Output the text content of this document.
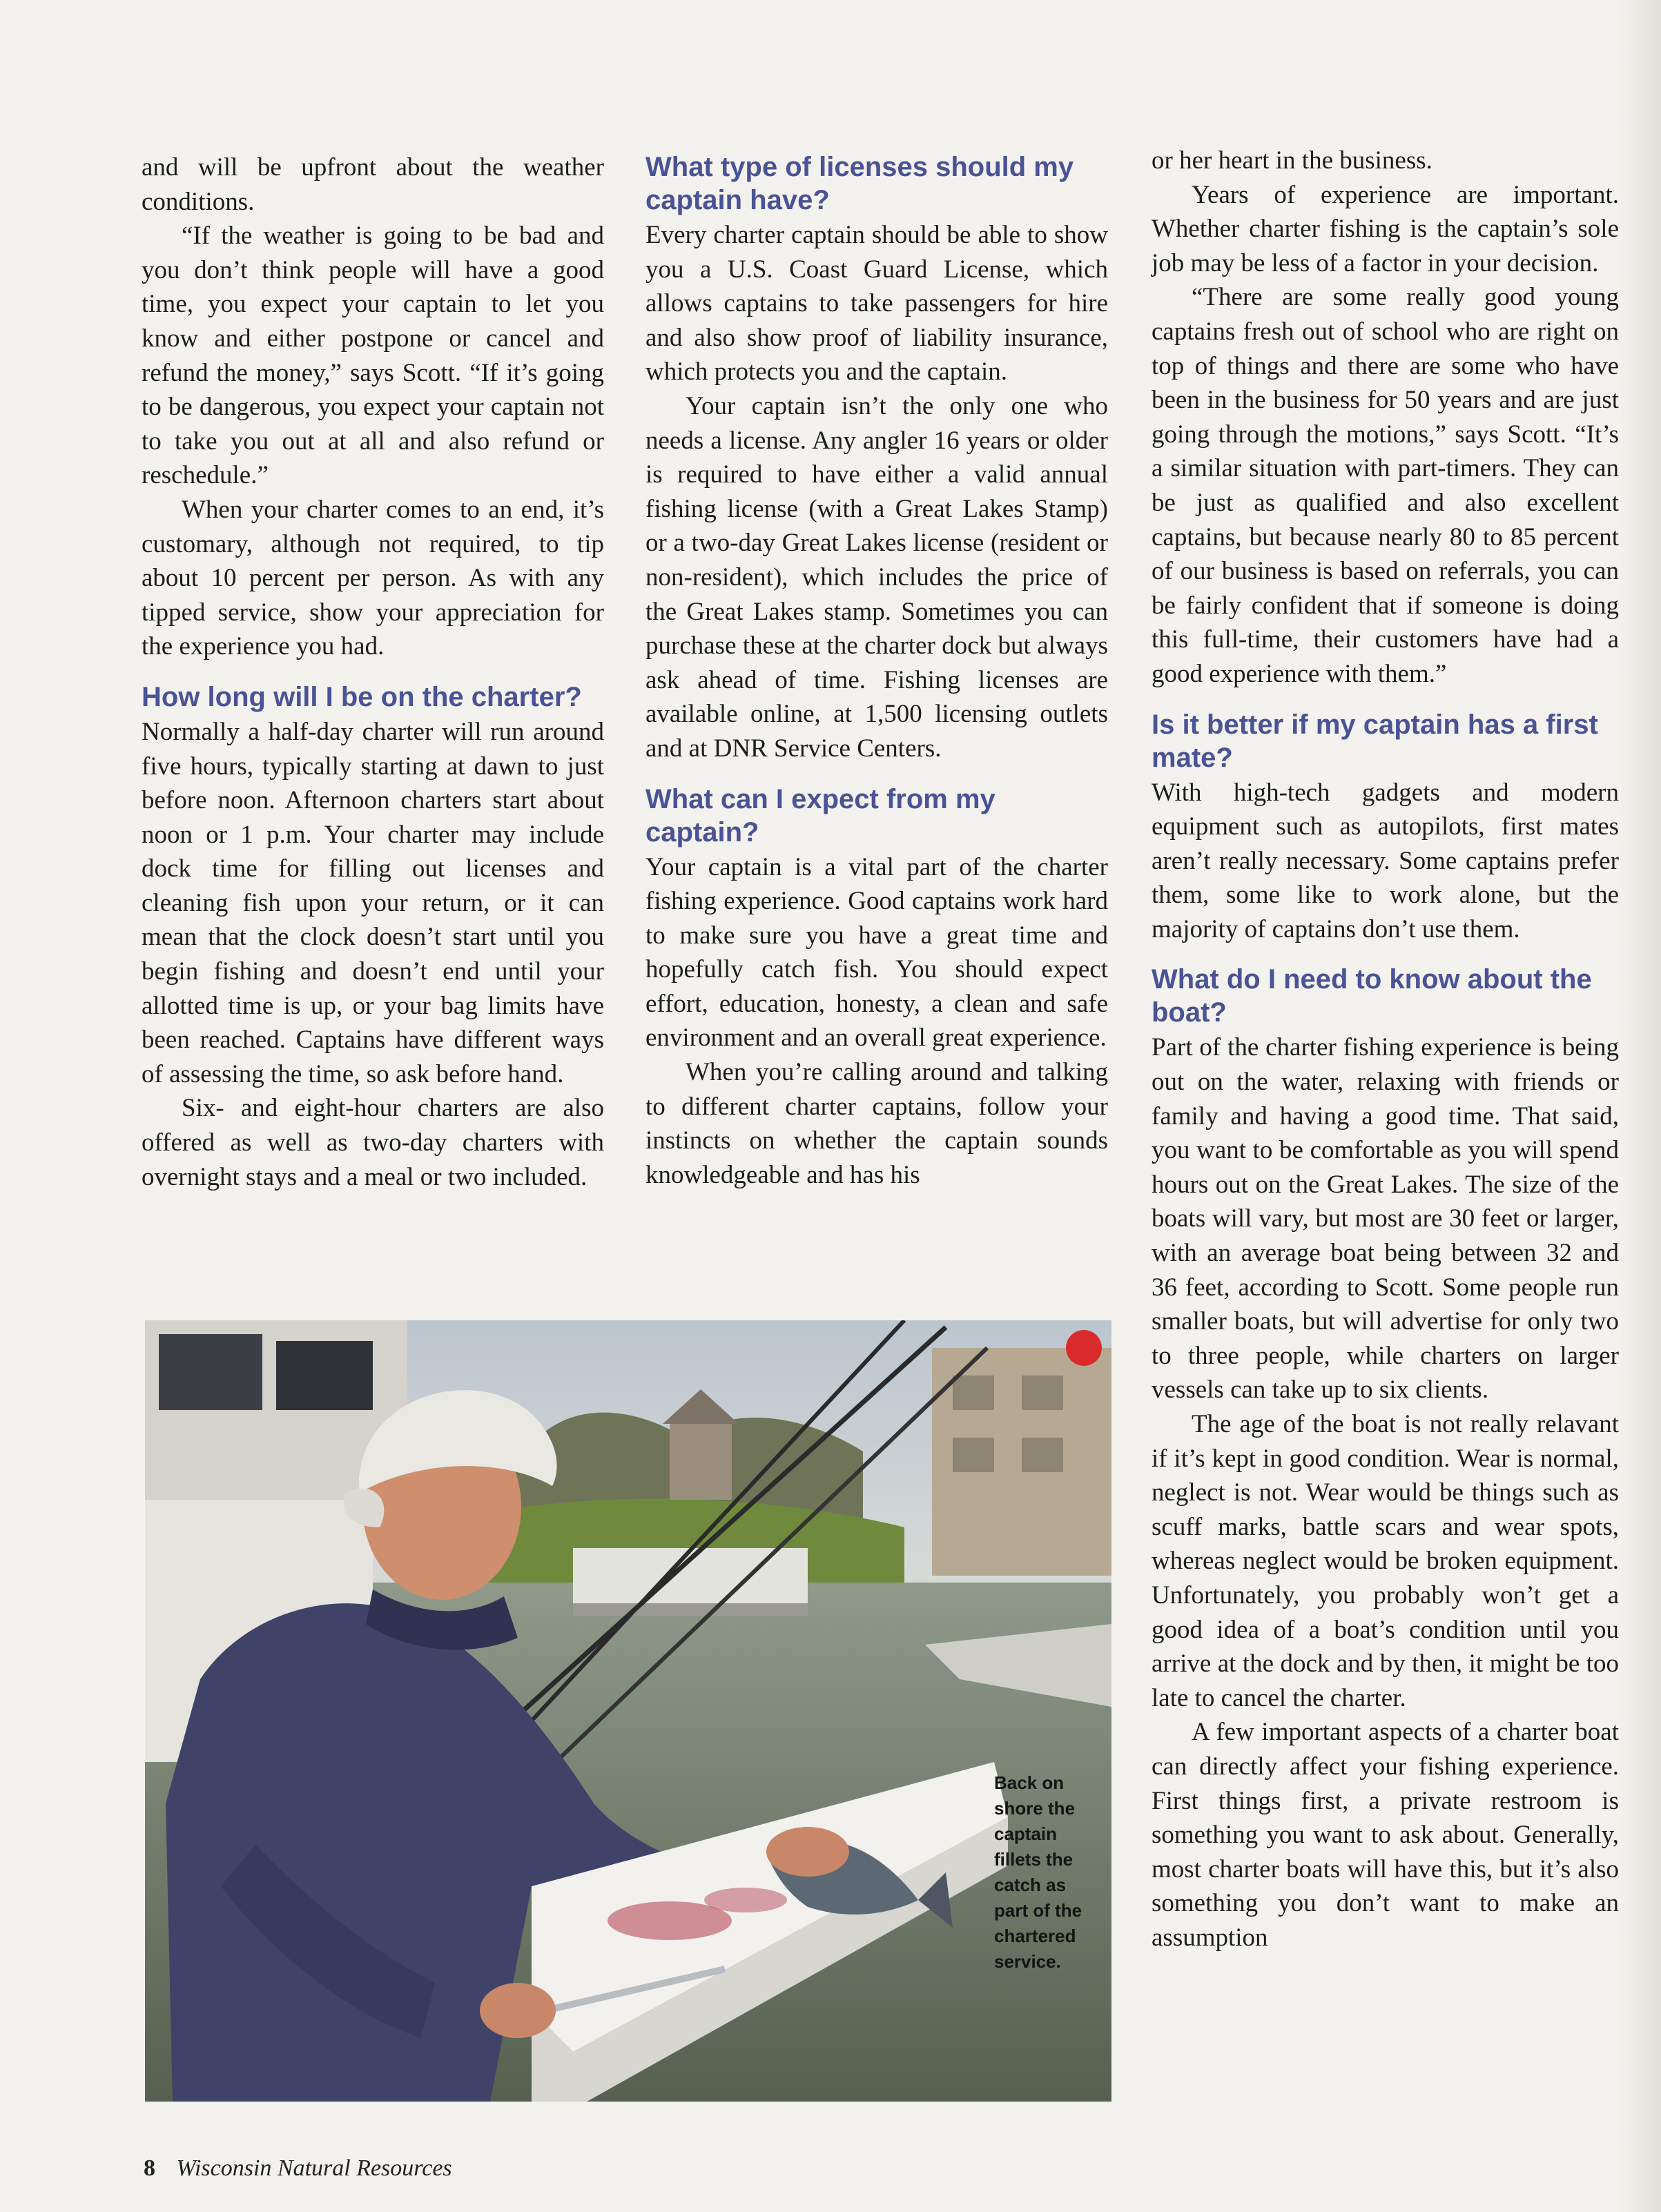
and will be upfront about the weather conditions.

“If the weather is going to be bad and you don’t think people will have a good time, you expect your captain to let you know and either postpone or cancel and refund the money,” says Scott. “If it’s going to be dangerous, you expect your captain not to take you out at all and also refund or reschedule.”

When your charter comes to an end, it’s customary, although not required, to tip about 10 percent per person. As with any tipped service, show your appreciation for the experience you had.

How long will I be on the charter?

Normally a half-day charter will run around five hours, typically starting at dawn to just before noon. Afternoon charters start about noon or 1 p.m. Your charter may include dock time for filling out licenses and cleaning fish upon your return, or it can mean that the clock doesn’t start until you begin fishing and doesn’t end until your allotted time is up, or your bag limits have been reached. Captains have different ways of assessing the time, so ask before hand.

Six- and eight-hour charters are also offered as well as two-day charters with overnight stays and a meal or two included.

What type of licenses should my captain have?

Every charter captain should be able to show you a U.S. Coast Guard License, which allows captains to take passengers for hire and also show proof of liability insurance, which protects you and the captain.

Your captain isn’t the only one who needs a license. Any angler 16 years or older is required to have either a valid annual fishing license (with a Great Lakes Stamp) or a two-day Great Lakes license (resident or non-resident), which includes the price of the Great Lakes stamp. Sometimes you can purchase these at the charter dock but always ask ahead of time. Fishing licenses are available online, at 1,500 licensing outlets and at DNR Service Centers.

What can I expect from my captain?

Your captain is a vital part of the charter fishing experience. Good captains work hard to make sure you have a great time and hopefully catch fish. You should expect effort, education, honesty, a clean and safe environment and an overall great experience.

When you’re calling around and talking to different charter captains, follow your instincts on whether the captain sounds knowledgeable and has his

or her heart in the business.

Years of experience are important. Whether charter fishing is the captain’s sole job may be less of a factor in your decision.

“There are some really good young captains fresh out of school who are right on top of things and there are some who have been in the business for 50 years and are just going through the motions,” says Scott. “It’s a similar situation with part-timers. They can be just as qualified and also excellent captains, but because nearly 80 to 85 percent of our business is based on referrals, you can be fairly confident that if someone is doing this full-time, their customers have had a good experience with them.”

Is it better if my captain has a first mate?

With high-tech gadgets and modern equipment such as autopilots, first mates aren’t really necessary. Some captains prefer them, some like to work alone, but the majority of captains don’t use them.

What do I need to know about the boat?

Part of the charter fishing experience is being out on the water, relaxing with friends or family and having a good time. That said, you want to be comfortable as you will spend hours out on the Great Lakes. The size of the boats will vary, but most are 30 feet or larger, with an average boat being between 32 and 36 feet, according to Scott. Some people run smaller boats, but will advertise for only two to three people, while charters on larger vessels can take up to six clients.

The age of the boat is not really relavant if it’s kept in good condition. Wear is normal, neglect is not. Wear would be things such as scuff marks, battle scars and wear spots, whereas neglect would be broken equipment. Unfortunately, you probably won’t get a good idea of a boat’s condition until you arrive at the dock and by then, it might be too late to cancel the charter.

A few important aspects of a charter boat can directly affect your fishing experience. First things first, a private restroom is something you want to ask about. Generally, most charter boats will have this, but it’s also something you don’t want to make an assumption

Back on shore the captain fillets the catch as part of the chartered service.
8 Wisconsin Natural Resources
